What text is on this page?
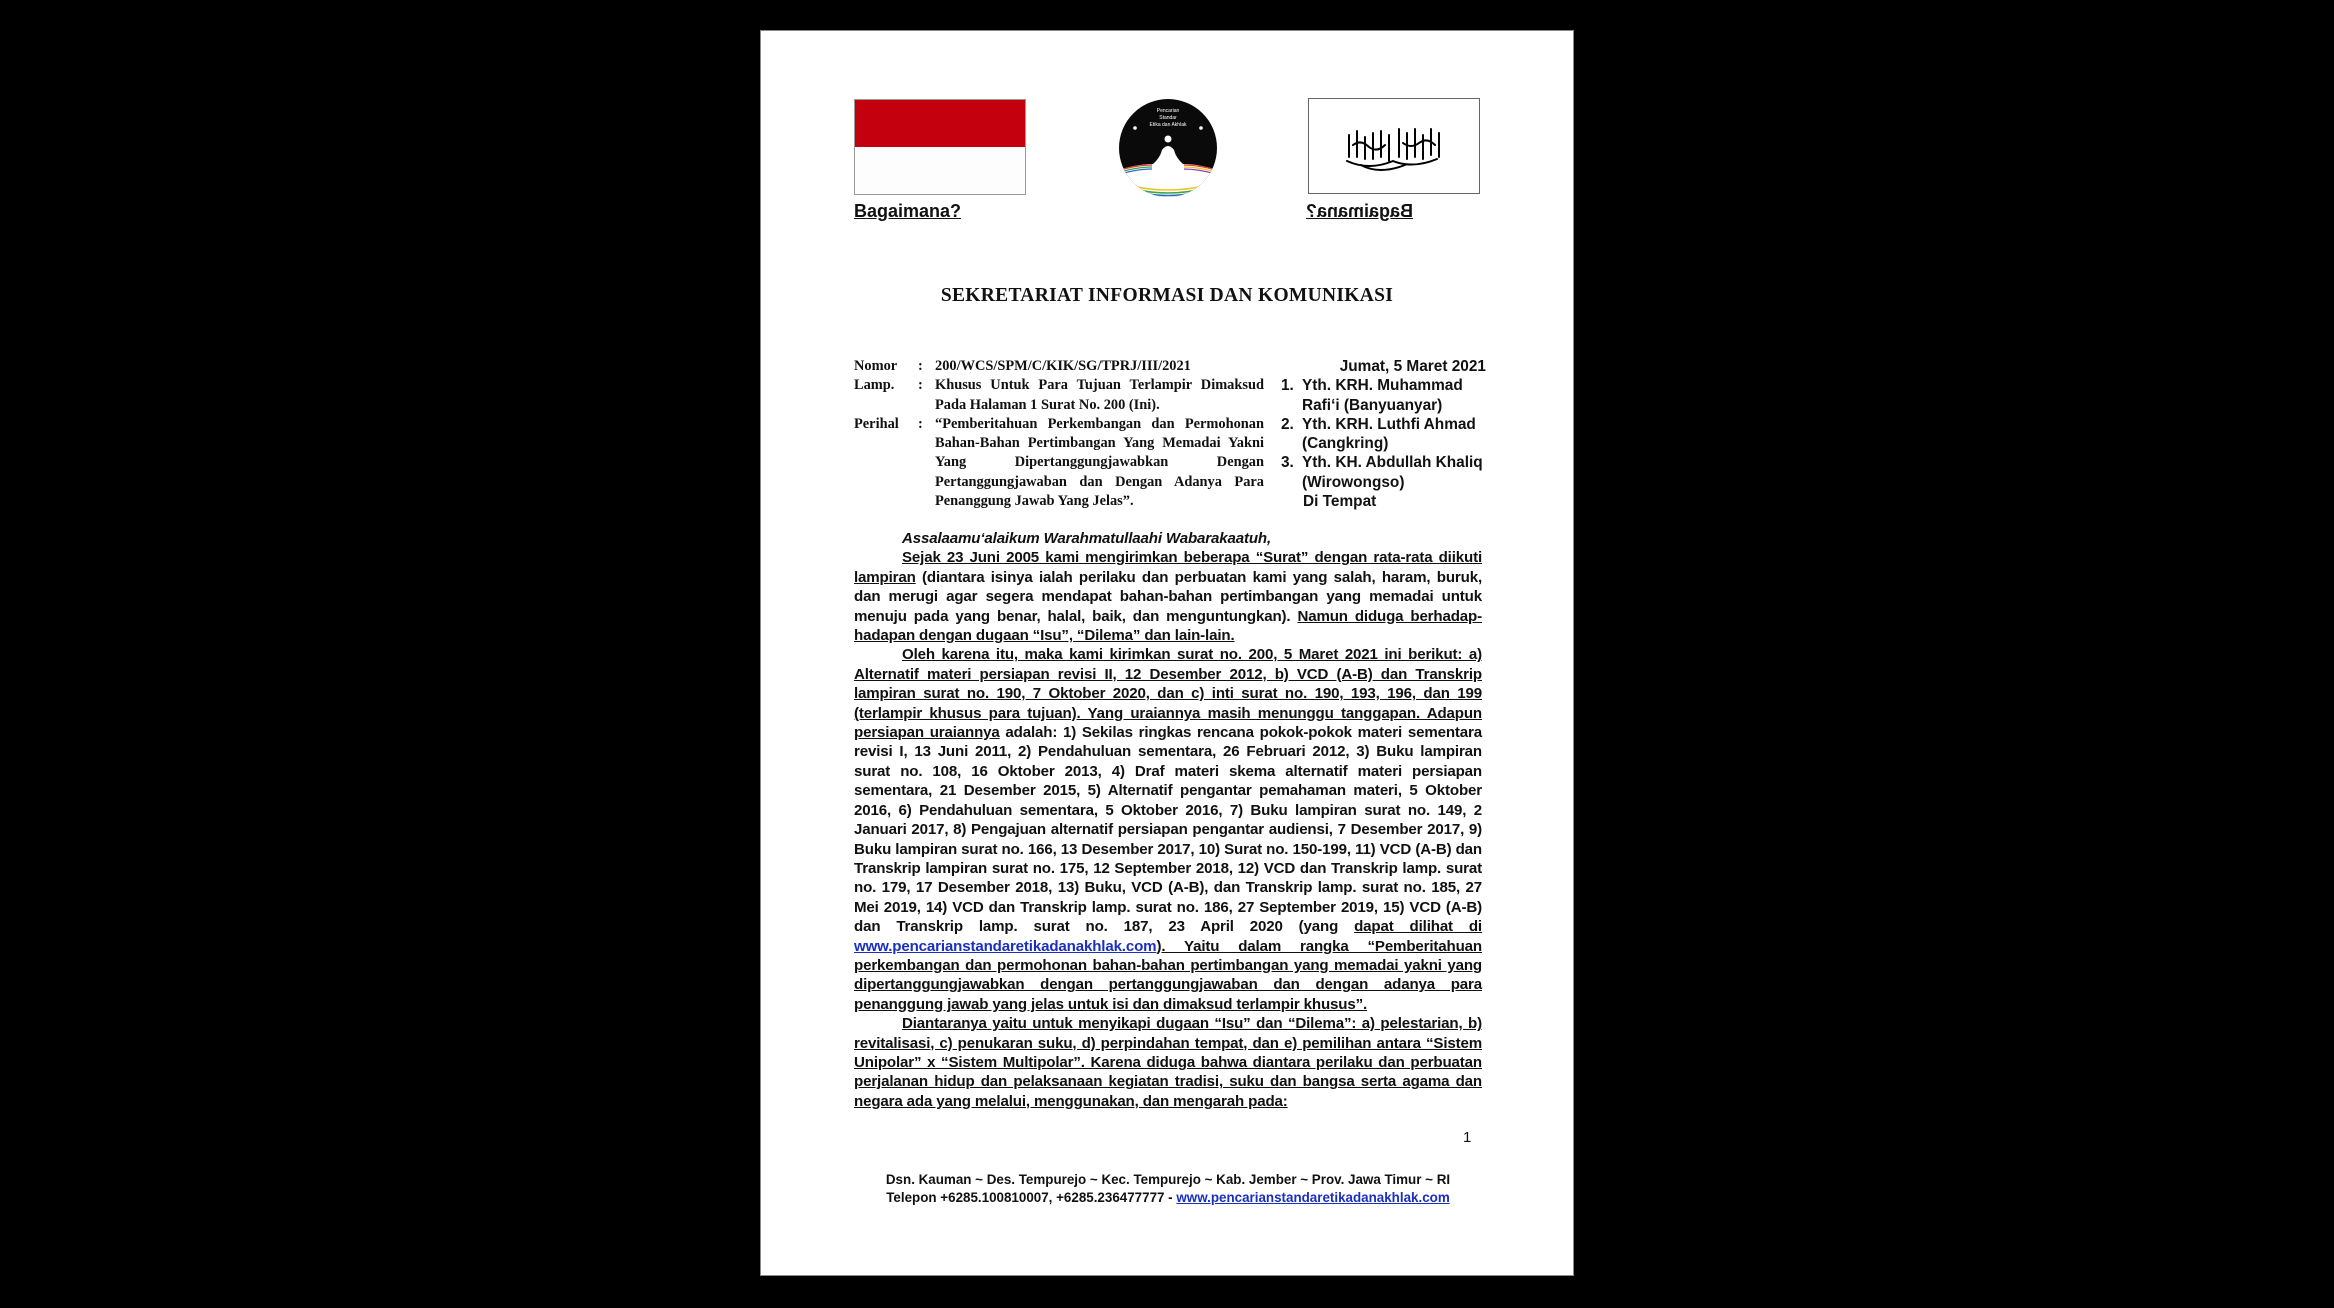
Pencarian
Standar
Etika dan Akhlak
Bagaimana?	Bagaimana?
SEKRETARIAT INFORMASI DAN KOMUNIKASI
Nomor	: 200/WCS/SPM/C/KIK/SG/TPRJ/III/2021
Lamp.	: Khusus Untuk Para Tujuan Terlampir Dimaksud Pada Halaman 1 Surat No. 200 (Ini).
Perihal	: “Pemberitahuan Perkembangan dan Permohonan Bahan-Bahan Pertimbangan Yang Memadai Yakni Yang Dipertanggungjawabkan Dengan Pertanggungjawaban dan Dengan Adanya Para Penanggung Jawab Yang Jelas”.
Jumat, 5 Maret 2021
1. Yth. KRH. Muhammad Rafi‘i (Banyuanyar)
2. Yth. KRH. Luthfi Ahmad (Cangkring)
3. Yth. KH. Abdullah Khaliq (Wirowongso)
Di Tempat

Assalaamu‘alaikum Warahmatullaahi Wabarakaatuh,

Sejak 23 Juni 2005 kami mengirimkan beberapa “Surat” dengan rata-rata diikuti lampiran (diantara isinya ialah perilaku dan perbuatan kami yang salah, haram, buruk, dan merugi agar segera mendapat bahan-bahan pertimbangan yang memadai untuk menuju pada yang benar, halal, baik, dan menguntungkan). Namun diduga berhadap-hadapan dengan dugaan “Isu”, “Dilema” dan lain-lain.

Oleh karena itu, maka kami kirimkan surat no. 200, 5 Maret 2021 ini berikut: a) Alternatif materi persiapan revisi II, 12 Desember 2012, b) VCD (A-B) dan Transkrip lampiran surat no. 190, 7 Oktober 2020, dan c) inti surat no. 190, 193, 196, dan 199 (terlampir khusus para tujuan). Yang uraiannya masih menunggu tanggapan. Adapun persiapan uraiannya adalah: 1) Sekilas ringkas rencana pokok-pokok materi sementara revisi I, 13 Juni 2011, 2) Pendahuluan sementara, 26 Februari 2012, 3) Buku lampiran surat no. 108, 16 Oktober 2013, 4) Draf materi skema alternatif materi persiapan sementara, 21 Desember 2015, 5) Alternatif pengantar pemahaman materi, 5 Oktober 2016, 6) Pendahuluan sementara, 5 Oktober 2016, 7) Buku lampiran surat no. 149, 2 Januari 2017, 8) Pengajuan alternatif persiapan pengantar audiensi, 7 Desember 2017, 9) Buku lampiran surat no. 166, 13 Desember 2017, 10) Surat no. 150-199, 11) VCD (A-B) dan Transkrip lampiran surat no. 175, 12 September 2018, 12) VCD dan Transkrip lamp. surat no. 179, 17 Desember 2018, 13) Buku, VCD (A-B), dan Transkrip lamp. surat no. 185, 27 Mei 2019, 14) VCD dan Transkrip lamp. surat no. 186, 27 September 2019, 15) VCD (A-B) dan Transkrip lamp. surat no. 187, 23 April 2020 (yang dapat dilihat di www.pencarianstandaretikadanakhlak.com). Yaitu dalam rangka “Pemberitahuan perkembangan dan permohonan bahan-bahan pertimbangan yang memadai yakni yang dipertanggungjawabkan dengan pertanggungjawaban dan dengan adanya para penanggung jawab yang jelas untuk isi dan dimaksud terlampir khusus”.

Diantaranya yaitu untuk menyikapi dugaan “Isu” dan “Dilema”: a) pelestarian, b) revitalisasi, c) penukaran suku, d) perpindahan tempat, dan e) pemilihan antara “Sistem Unipolar” x “Sistem Multipolar”. Karena diduga bahwa diantara perilaku dan perbuatan perjalanan hidup dan pelaksanaan kegiatan tradisi, suku dan bangsa serta agama dan negara ada yang melalui, menggunakan, dan mengarah pada:

1
Dsn. Kauman ~ Des. Tempurejo ~ Kec. Tempurejo ~ Kab. Jember ~ Prov. Jawa Timur ~ RI
Telepon +6285.100810007, +6285.236477777 - www.pencarianstandaretikadanakhlak.com
